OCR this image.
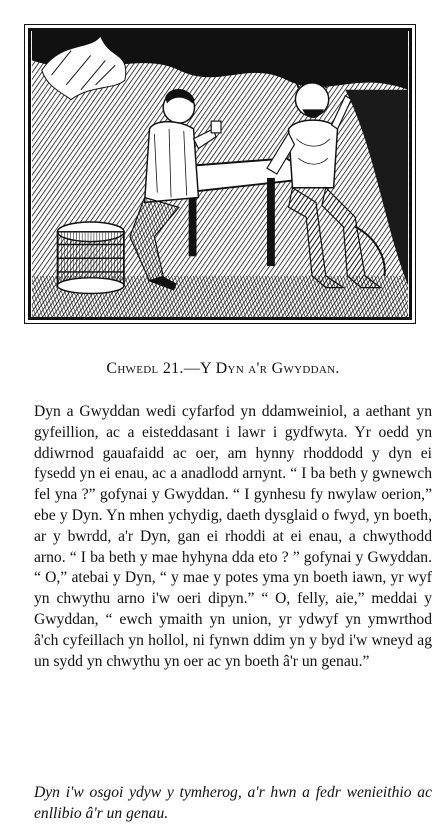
Chwedl 21.—Y Dyn a'r Gwyddan.

Dyn a Gwyddan wedi cyfarfod yn ddamweiniol, a aethant yn gyfeillion, ac a eisteddasant i lawr i gydfwyta. Yr oedd yn ddiwrnod gauafaidd ac oer, am hynny rhoddodd y dyn ei fysedd yn ei enau, ac a anadlodd arnynt. “ I ba beth y gwnewch fel yna ?” gofynai y Gwyddan. “ I gynhesu fy nwylaw oerion,” ebe y Dyn. Yn mhen ychydig, daeth dysglaid o fwyd, yn boeth, ar y bwrdd, a'r Dyn, gan ei rhoddi at ei enau, a chwythodd arno. “ I ba beth y mae hyhyna dda eto ? ” gofynai y Gwyddan. “ O,” atebai y Dyn, “ y mae y potes yma yn boeth iawn, yr wyf yn chwythu arno i'w oeri dipyn.” “ O, felly, aie,” meddai y Gwyddan, “ ewch ymaith yn union, yr ydwyf yn ymwrthod â'ch cyfeillach yn hollol, ni fynwn ddim yn y byd i'w wneyd ag un sydd yn chwythu yn oer ac yn boeth â'r un genau.”

Dyn i'w osgoi ydyw y tymherog, a'r hwn a fedr wenieithio ac enllibio â'r un genau.
